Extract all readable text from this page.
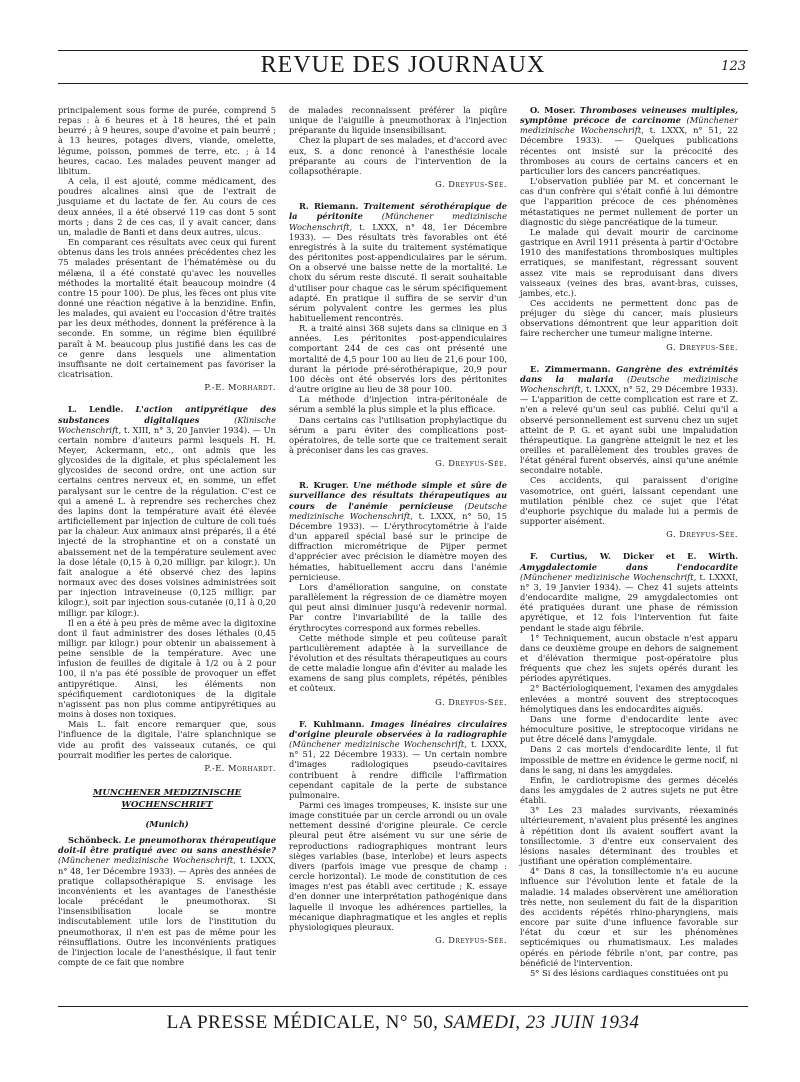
REVUE DES JOURNAUX	123

principalement sous forme de purée, comprend 5 repas : à 6 heures et à 18 heures, thé et pain beurré ; à 9 heures, soupe d'avoine et pain beurré ; à 13 heures, potages divers, viande, omelette, légume, poisson, pommes de terre, etc. ; à 14 heures, cacao. Les malades peuvent manger ad libitum.

A cela, il est ajouté, comme médicament, des poudres alcalines ainsi que de l'extrait de jusquiame et du lactate de fer. Au cours de ces deux années, il a été observé 119 cas dont 5 sont morts ; dans 2 de ces cas, il y avait cancer, dans un, maladie de Banti et dans deux autres, ulcus.

En comparant ces résultats avec ceux qui furent obtenus dans les trois années précédentes chez les 75 malades présentant de l'hématémèse ou du mélæna, il a été constaté qu'avec les nouvelles méthodes la mortalité était beaucoup moindre (4 contre 15 pour 100). De plus, les fèces ont plus vite donné une réaction négative à la benzidine. Enfin, les malades, qui avaient eu l'occasion d'être traités par les deux méthodes, donnent la préférence à la seconde. En somme, un régime bien équilibré paraît à M. beaucoup plus justifié dans les cas de ce genre dans lesquels une alimentation insuffisante ne doit certainement pas favoriser la cicatrisation.

P.-E. Morhardt.

L. Lendle. L'action antipyrétique des substances digitaliques	(Klinische Wochenschrift, t. XIII, n° 3, 20 Janvier 1934). — Un certain nombre d'auteurs parmi lesquels H. H. Meyer, Ackermann, etc., ont admis que les glycosides de la digitale, et plus spécialement les glycosides de second ordre, ont une action sur certains centres nerveux et, en somme, un effet paralysant sur le centre de la régulation. C'est ce qui a amené L. à reprendre ses recherches chez des lapins dont la température avait été élevée artificiellement par injection de culture de coli tués par la chaleur. Aux animaux ainsi préparés, il a été injecté de la strophantine et on a constaté un abaissement net de la température seulement avec la dose létale (0,15 à 0,20 milligr. par kilogr.). Un fait analogue a été observé chez des lapins normaux avec des doses voisines administrées soit par injection intraveineuse (0,125 milligr. par kilogr.), soit par injection sous-cutanée (0,11 à 0,20 milligr. par kilogr.).

Il en a été à peu près de même avec la digitoxine dont il faut administrer des doses léthales (0,45 milligr. par kilogr.) pour obtenir un abaissement à peine sensible de la température. Avec une infusion de feuilles de digitale à 1/2 ou à 2 pour 100, il n'a pas été possible de provoquer un effet antipyrétique. Ainsi, les éléments non spécifiquement cardiotoniques de la digitale n'agissent pas non plus comme antipyrétiques au moins à doses non toxiques.

Mais L. fait encore remarquer que, sous l'influence de la digitale, l'aire splanchnique se vide au profit des vaisseaux cutanés, ce qui pourrait modifier les pertes de calorique.

P.-E. Morhardt.
MUNCHENER MEDIZINISCHE WOCHENSCHRIFT
(Munich)

Schönbeck. Le pneumothorax thérapeutique doit-il être pratiqué avec ou sans anesthésie? (Münchener medizinische Wochenschrift, t. LXXX, n° 48, 1er Décembre 1933). — Après des années de pratique collapsothérapique S. envisage les inconvénients et les avantages de l'anesthésie locale précédant le pneumothorax. Si l'insensibilisation locale se montre indiscutablement utile lors de l'institution du pneumothorax, il n'en est pas de même pour les réinsufflations. Outre les inconvénients pratiques de l'injection locale de l'anesthésique, il faut tenir compte de ce fait que nombre

de malades reconnaissent préférer la piqûre unique de l'aiguille à pneumothorax à l'injection préparante du liquide insensibilisant.

Chez la plupart de ses malades, et d'accord avec eux, S. a donc renoncé à l'anesthésie locale préparante au cours de l'intervention de la collapsothérapie.

G. Dreyfus-Sée.

R. Riemann. Traitement sérothérapique de la péritonite (Münchener medizinische Wochenschrift, t. LXXX, n° 48, 1er Décembre 1933). — Des résultats très favorables ont été enregistrés à la suite du traitement systématique des péritonites post-appendiculaires par le sérum. On a observé une baisse nette de la mortalité. Le choix du sérum reste discuté. Il serait souhaitable d'utiliser pour chaque cas le sérum spécifiquement adapté. En pratique il suffira de se servir d'un sérum polyvalent contre les germes les plus habituellement rencontrés.

R. a traité ainsi 368 sujets dans sa clinique en 3 années. Les péritonites post-appendiculaires comportant 244 de ces cas ont présenté une mortalité de 4,5 pour 100 au lieu de 21,6 pour 100, durant la période pré-sérothérapique, 20,9 pour 100 décès ont été observés lors des péritonites d'autre origine au lieu de 38 pour 100.

La méthode d'injection intra-péritonéale de sérum a semblé la plus simple et la plus efficace.

Dans certains cas l'utilisation prophylactique du sérum a paru éviter des complications post-opératoires, de telle sorte que ce traitement serait à préconiser dans les cas graves.

G. Dreyfus-Sée.

R. Kruger. Une méthode simple et sûre de surveillance des résultats thérapeutiques au cours de l'anémie pernicieuse (Deutsche medizinische Wochenschrift, t. LXXX, n° 50, 15 Décembre 1933). — L'érythrocytométrie à l'aide d'un appareil spécial basé sur le principe de diffraction micrométrique de Pijper permet d'apprécier avec précision le diamètre moyen des hématies, habituellement accru dans l'anémie pernicieuse.

Lors d'amélioration sanguine, on constate parallèlement la régression de ce diamètre moyen qui peut ainsi diminuer jusqu'à redevenir normal. Par contre l'invariabilité de la taille des érythrocytes correspond aux formes rebelles.

Cette méthode simple et peu coûteuse paraît particulièrement adaptée à la surveillance de l'évolution et des résultats thérapeutiques au cours de cette maladie longue afin d'éviter au malade les examens de sang plus complets, répétés, pénibles et coûteux.

G. Dreyfus-Sée.

F. Kuhlmann. Images linéaires circulaires d'origine pleurale observées à la radiographie (Münchener medizinische Wochenschrift, t. LXXX, n° 51, 22 Décembre 1933). — Un certain nombre d'images radiologiques pseudo-cavitaires contribuent à rendre difficile l'affirmation cependant capitale de la perte de substance pulmonaire.

Parmi ces images trompeuses, K. insiste sur une image constituée par un cercle arrondi ou un ovale nettement dessiné d'origine pleurale. Ce cercle pleural peut être aisément vu sur une série de reproductions radiographiques montrant leurs sièges variables (base, interlobe) et leurs aspects divers (parfois image vue presque de champ : cercle horizontal). Le mode de constitution de ces images n'est pas établi avec certitude ; K. essaye d'en donner une interprétation pathogénique dans laquelle il invoque les adhérences partielles, la mécanique diaphragmatique et les angles et replis physiologiques pleuraux.

G. Dreyfus-Sée.

O. Moser. Thromboses veineuses multiples, symptôme précoce de carcinome (Münchener medizinische Wochenschrift, t. LXXX, n° 51, 22 Décembre 1933). — Quelques publications récentes ont insisté sur la précocité des thromboses au cours de certains cancers et en particulier lors des cancers pancréatiques.

L'observation publiée par M. et concernant le cas d'un confrère qui s'était confié à lui démontre que l'apparition précoce de ces phénomènes métastatiques ne permet nullement de porter un diagnostic du siège pancréatique de la tumeur.

Le malade qui devait mourir de carcinome gastrique en Avril 1911 présenta à partir d'Octobre 1910 des manifestations thrombosiques multiples erratiques, se manifestant, régressant souvent assez vite mais se reproduisant dans divers vaisseaux (veines des bras, avant-bras, cuisses, jambes, etc.).

Ces accidents ne permettent donc pas de préjuger du siège du cancer, mais plusieurs observations démontrent que leur apparition doit faire rechercher une tumeur maligne interne.

G. Dreyfus-Sée.

E. Zimmermann. Gangrène des extrémités dans la malaria (Deutsche medizinische Wochenschrift, t. LXXX, n° 52, 29 Décembre 1933). — L'apparition de cette complication est rare et Z. n'en a relevé qu'un seul cas publié. Celui qu'il a observé personnellement est survenu chez un sujet atteint de P. G. et ayant subi une impaludation thérapeutique. La gangrène atteignit le nez et les oreilles et parallèlement des troubles graves de l'état général furent observés, ainsi qu'une anémie secondaire notable.

Ces accidents, qui paraissent d'origine vasomotrice, ont guéri, laissant cependant une mutilation pénible chez ce sujet que l'état d'euphorie psychique du malade lui a permis de supporter aisément.

G. Dreyfus-Sée.

F. Curtius, W. Dicker et E. Wirth. Amygdalectomie dans l'endocardite (Münchener medizinische Wochenschrift, t. LXXXI, n° 3, 19 Janvier 1934). — Chez 41 sujets atteints d'endocardite maligne, 29 amygdalectomies ont été pratiquées durant une phase de rémission apyrétique, et 12 fois l'intervention fut faite pendant le stade aigu fébrile.

1° Techniquement, aucun obstacle n'est apparu dans ce deuxième groupe en dehors de saignement et d'élévation thermique post-opératoire plus fréquents que chez les sujets opérés durant les périodes apyrétiques.

2° Bactériologiquement, l'examen des amygdales enlevées a montré souvent des streptocoques hémolytiques dans les endocardites aiguës.

Dans une forme d'endocardite lente avec hémoculture positive, le streptocoque viridans ne put être décelé dans l'amygdale.

Dans 2 cas mortels d'endocardite lente, il fut impossible de mettre en évidence le germe nocif, ni dans le sang, ni dans les amygdales.

Enfin, le cardiotropisme des germes décelés dans les amygdales de 2 autres sujets ne put être établi.

3° Les 23 malades survivants, réexaminés ultérieurement, n'avaient plus présenté les angines à répétition dont ils avaient souffert avant la tonsillectomie. 3 d'entre eux conservaient des lésions nasales déterminant des troubles et justifiant une opération complémentaire.

4° Dans 8 cas, la tonsillectomie n'a eu aucune influence sur l'évolution lente et fatale de la maladie. 14 malades observèrent une amélioration très nette, non seulement du fait de la disparition des accidents répétés rhino-pharyngiens, mais encore par suite d'une influence favorable sur l'état du cœur et sur les phénomènes septicémiques ou rhumatismaux. Les malades opérés en période fébrile n'ont, par contre, pas bénéficié de l'intervention.

5° Si des lésions cardiaques constituées ont pu

LA PRESSE MÉDICALE, N° 50, SAMEDI, 23 JUIN 1934
